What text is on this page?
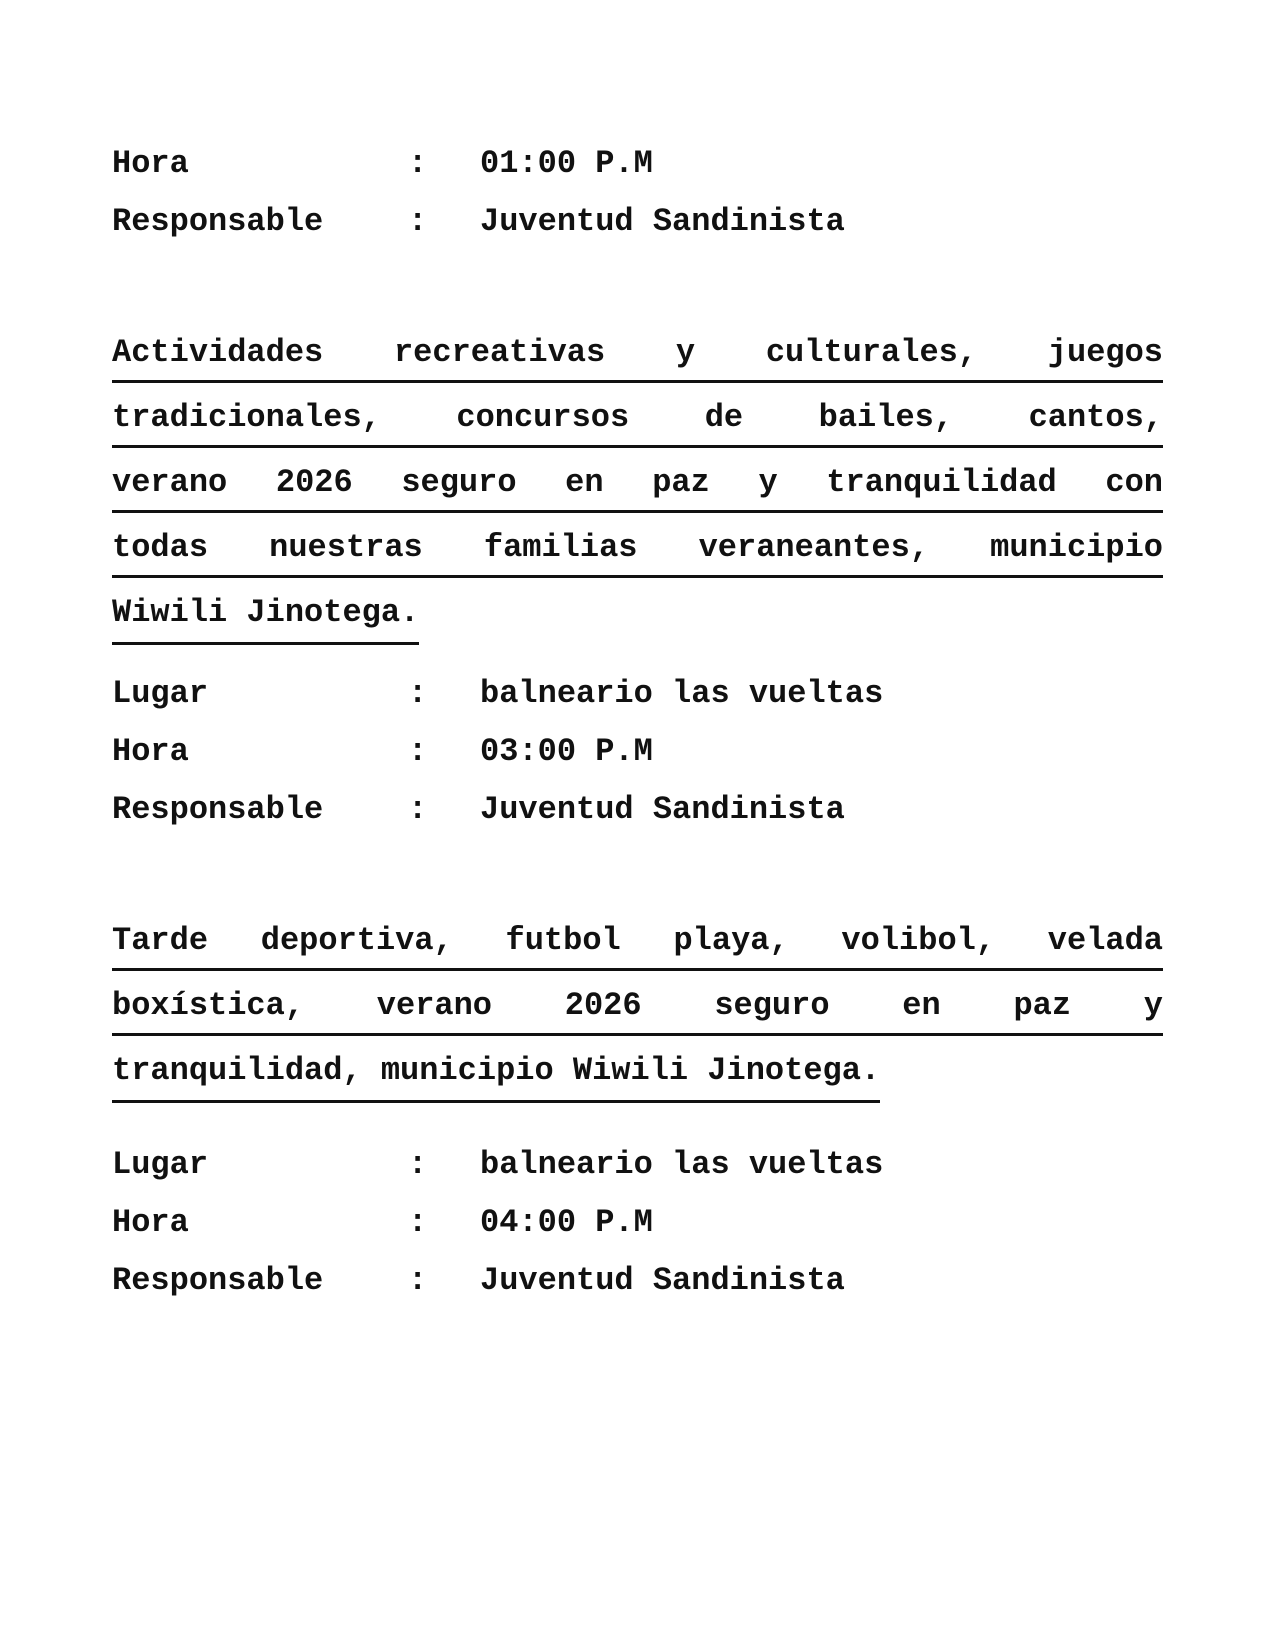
Hora	: 01:00 P.M
Responsable	: Juventud Sandinista
Actividades recreativas y culturales, juegos
tradicionales, concursos de bailes, cantos,
verano 2026 seguro en paz y tranquilidad con
todas nuestras familias veraneantes, municipio
Wiwili Jinotega.
Lugar	: balneario las vueltas
Hora	: 03:00 P.M
Responsable	: Juventud Sandinista
Tarde deportiva, futbol playa, volibol, velada
boxística, verano 2026 seguro en paz y
tranquilidad, municipio Wiwili Jinotega.
Lugar	: balneario las vueltas
Hora	: 04:00 P.M
Responsable	: Juventud Sandinista
